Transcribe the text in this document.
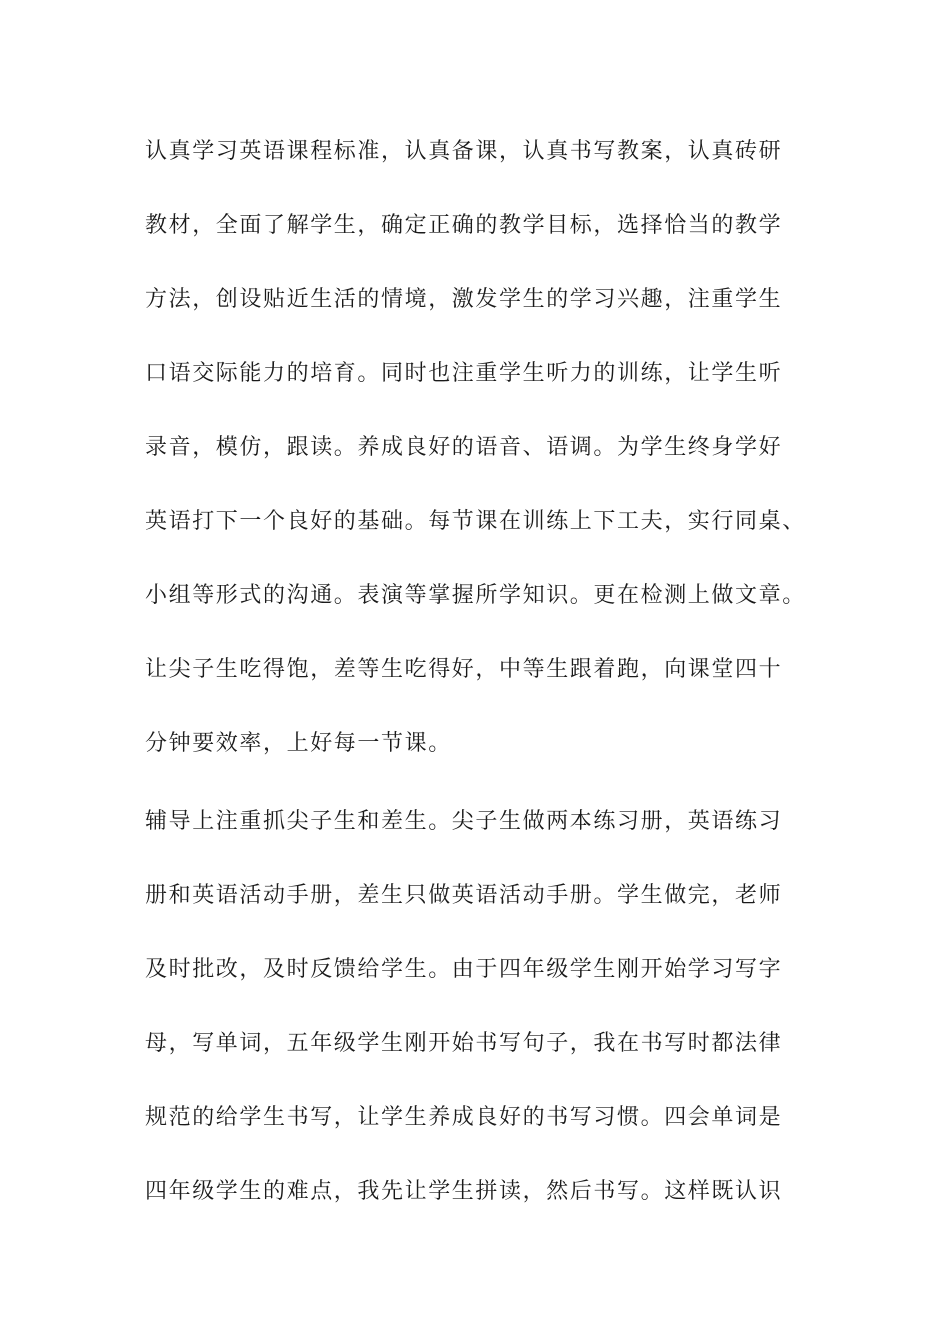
认真学习英语课程标准，认真备课，认真书写教案，认真砖研

教材，全面了解学生，确定正确的教学目标，选择恰当的教学

方法，创设贴近生活的情境，激发学生的学习兴趣，注重学生

口语交际能力的培育。同时也注重学生听力的训练，让学生听

录音，模仿，跟读。养成良好的语音、语调。为学生终身学好

英语打下一个良好的基础。每节课在训练上下工夫，实行同桌、

小组等形式的沟通。表演等掌握所学知识。更在检测上做文章。

让尖子生吃得饱，差等生吃得好，中等生跟着跑，向课堂四十

分钟要效率，上好每一节课。

辅导上注重抓尖子生和差生。尖子生做两本练习册，英语练习

册和英语活动手册，差生只做英语活动手册。学生做完，老师

及时批改，及时反馈给学生。由于四年级学生刚开始学习写字

母，写单词，五年级学生刚开始书写句子，我在书写时都法律

规范的给学生书写，让学生养成良好的书写习惯。四会单词是

四年级学生的难点，我先让学生拼读，然后书写。这样既认识
